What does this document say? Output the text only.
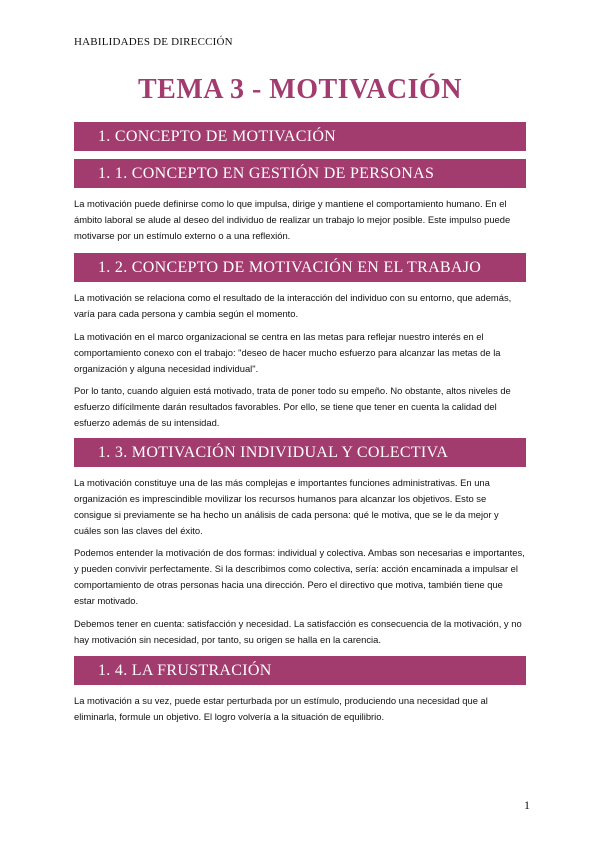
HABILIDADES DE DIRECCIÓN
TEMA 3 - MOTIVACIÓN
1. CONCEPTO DE MOTIVACIÓN
1. 1. CONCEPTO EN GESTIÓN DE PERSONAS

La motivación puede definirse como lo que impulsa, dirige y mantiene el comportamiento humano. En el ámbito laboral se alude al deseo del individuo de realizar un trabajo lo mejor posible. Este impulso puede motivarse por un estímulo externo o a una reflexión.

1. 2. CONCEPTO DE MOTIVACIÓN EN EL TRABAJO

La motivación se relaciona como el resultado de la interacción del individuo con su entorno, que además, varía para cada persona y cambia según el momento.

La motivación en el marco organizacional se centra en las metas para reflejar nuestro interés en el comportamiento conexo con el trabajo: "deseo de hacer mucho esfuerzo para alcanzar las metas de la organización y alguna necesidad individual".

Por lo tanto, cuando alguien está motivado, trata de poner todo su empeño. No obstante, altos niveles de esfuerzo difícilmente darán resultados favorables. Por ello, se tiene que tener en cuenta la calidad del esfuerzo además de su intensidad.

1. 3. MOTIVACIÓN INDIVIDUAL Y COLECTIVA

La motivación constituye una de las más complejas e importantes funciones administrativas. En una organización es imprescindible movilizar los recursos humanos para alcanzar los objetivos. Esto se consigue si previamente se ha hecho un análisis de cada persona: qué le motiva, que se le da mejor y cuáles son las claves del éxito.

Podemos entender la motivación de dos formas: individual y colectiva. Ambas son necesarias e importantes, y pueden convivir perfectamente. Si la describimos como colectiva, sería: acción encaminada a impulsar el comportamiento de otras personas hacia una dirección. Pero el directivo que motiva, también tiene que estar motivado.

Debemos tener en cuenta: satisfacción y necesidad. La satisfacción es consecuencia de la motivación, y no hay motivación sin necesidad, por tanto, su origen se halla en la carencia.

1. 4. LA FRUSTRACIÓN

La motivación a su vez, puede estar perturbada por un estímulo, produciendo una necesidad que al eliminarla, formule un objetivo. El logro volvería a la situación de equilibrio.

1
